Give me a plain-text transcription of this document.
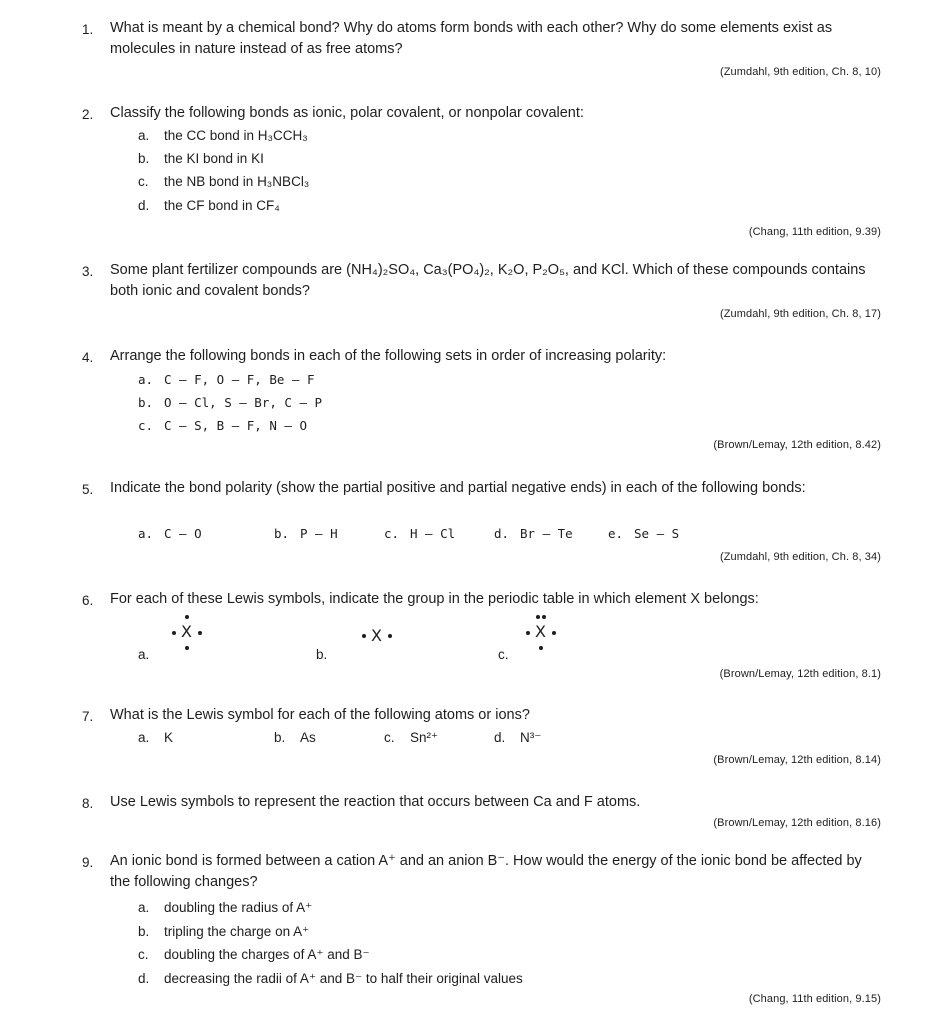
1. What is meant by a chemical bond? Why do atoms form bonds with each other? Why do some elements exist as molecules in nature instead of as free atoms?
(Zumdahl, 9th edition, Ch. 8, 10)
2. Classify the following bonds as ionic, polar covalent, or nonpolar covalent:
a. the CC bond in H₃CCH₃
b. the KI bond in KI
c. the NB bond in H₃NBCl₃
d. the CF bond in CF₄
(Chang, 11th edition, 9.39)
3. Some plant fertilizer compounds are (NH₄)₂SO₄, Ca₃(PO₄)₂, K₂O, P₂O₅, and KCl. Which of these compounds contains both ionic and covalent bonds?
(Zumdahl, 9th edition, Ch. 8, 17)
4. Arrange the following bonds in each of the following sets in order of increasing polarity:
a. C – F, O – F, Be – F
b. O – Cl, S – Br, C – P
c. C – S, B – F, N – O
(Brown/Lemay, 12th edition, 8.42)
5. Indicate the bond polarity (show the partial positive and partial negative ends) in each of the following bonds:
a. C – O	b. P – H	c. H – Cl	d. Br – Te	e. Se – S
(Zumdahl, 9th edition, Ch. 8, 34)
6. For each of these Lewis symbols, indicate the group in the periodic table in which element X belongs:
a.
X
b.
X
c.
X
(Brown/Lemay, 12th edition, 8.1)
7. What is the Lewis symbol for each of the following atoms or ions?
a. K	b. As	c. Sn²⁺	d. N³⁻
(Brown/Lemay, 12th edition, 8.14)
8. Use Lewis symbols to represent the reaction that occurs between Ca and F atoms.
(Brown/Lemay, 12th edition, 8.16)
9. An ionic bond is formed between a cation A⁺ and an anion B⁻. How would the energy of the ionic bond be affected by the following changes?
a. doubling the radius of A⁺
b. tripling the charge on A⁺
c. doubling the charges of A⁺ and B⁻
d. decreasing the radii of A⁺ and B⁻ to half their original values
(Chang, 11th edition, 9.15)
